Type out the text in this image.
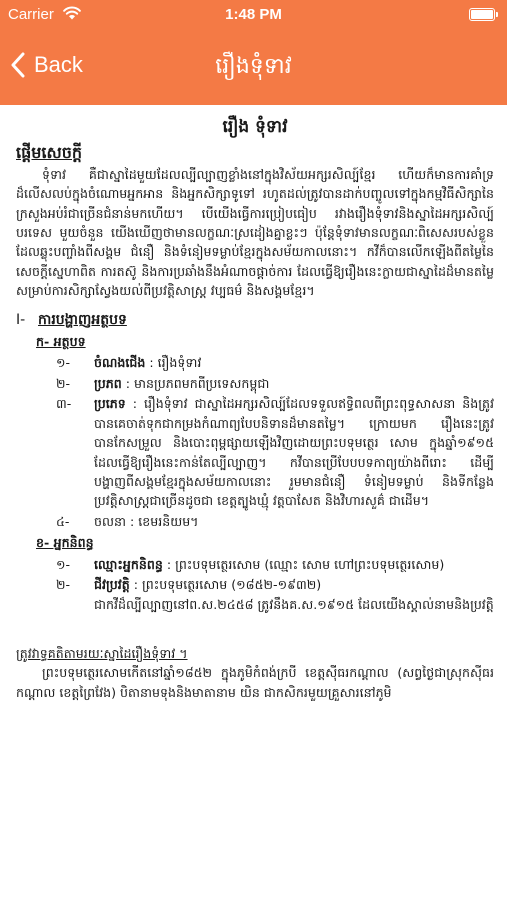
Carrier	1:48 PM
Back	រឿងទុំទាវ
រឿង ទុំទាវ
ផ្តើមសេចក្តី

ទុំទាវ គឺជាស្នាដៃមួយដែលល្បីល្បាញខ្លាំងនៅក្នុងវិស័យអក្សរសិល្ប៍ខ្មែរ ហើយក៏មានការគាំទ្រដ៏លើសលប់ក្នុងចំណោមអ្នកអាន និងអ្នកសិក្សាទូទៅ រហូតដល់ត្រូវបានដាក់បញ្ចូលទៅក្នុងកម្មវិធីសិក្សានៃក្រសួងអប់រំជាច្រើនជំនាន់មកហើយ។ បើយើងធ្វើការប្រៀបធៀប រវាងរឿងទុំទាវនិងស្នាដៃអក្សរសិល្ប៍បរទេស មួយចំនួន យើងឃើញថាមានលក្ខណៈស្រដៀងគ្នាខ្លះៗ ប៉ុន្តែទុំទាវមានលក្ខណៈពិសេសរបស់ខ្លួន ដែលឆ្លុះបញ្ចាំងពីសង្គម ជំនឿ និងទំនៀមទម្លាប់ខ្មែរក្នុងសម័យកាលនោះ។ កវីក៏បានលើកឡើងពីតម្លៃនៃសេចក្តីស្នេហាពិត ការតស៊ូ និងការប្រឆាំងនឹងអំណាចផ្តាច់ការ ដែលធ្វើឱ្យរឿងនេះក្លាយជាស្នាដៃដ៏មានតម្លៃសម្រាប់ការសិក្សាស្វែងយល់ពីប្រវត្តិសាស្ត្រ វប្បធម៌ និងសង្គមខ្មែរ។

I- ការបង្ហាញអត្ថបទ
ក- អត្ថបទ
១-	ចំណងជើង : រឿងទុំទាវ
២-	ប្រភព : មានប្រភពមកពីប្រទេសកម្ពុជា
៣-	ប្រភេទ : រឿងទុំទាវ ជាស្នាដៃអក្សរសិល្ប៍ដែលទទួលឥទ្ធិពលពីព្រះពុទ្ធសាសនា និងត្រូវបានគេចាត់ទុកជាកម្រងកំណាព្យបែបនិទានដ៏មានតម្លៃ។ ក្រោយមក រឿងនេះត្រូវបានកែសម្រួល និងបោះពុម្ពផ្សាយឡើងវិញដោយព្រះបទុមត្ថេរ សោម ក្នុងឆ្នាំ១៩១៥ ដែលធ្វើឱ្យរឿងនេះកាន់តែល្បីល្បាញ។ កវីបានប្រើបែបបទកាព្យយ៉ាងពីរោះ ដើម្បីបង្ហាញពីសង្គមខ្មែរក្នុងសម័យកាលនោះ រួមមានជំនឿ ទំនៀមទម្លាប់ និងទីកន្លែងប្រវត្តិសាស្ត្រជាច្រើនដូចជា ខេត្តត្បូងឃ្មុំ វត្តបាសែត និងវិហារសួគ៌ ជាដើម។
៤-	ចលនា : ខេមរនិយម។
ខ- អ្នកនិពន្ធ
១-	ឈ្មោះអ្នកនិពន្ធ : ព្រះបទុមត្ថេរសោម (ឈ្មោះ សោម ហៅព្រះបទុមត្ថេរសោម)
២-	ជីវប្រវត្តិ : ព្រះបទុមត្ថេរសោម (១៨៥២-១៩៣២)
ជាកវីដ៏ល្បីល្បាញនៅព.ស.២៤៥៨ ត្រូវនឹងគ.ស.១៩១៥ ដែលយើងស្គាល់នាមនិងប្រវត្តិ

ត្រូវវាទ្ធគតិតាមរយៈស្នាដៃរឿងទុំទាវ ។

ព្រះបទុមត្ថេរសោមកើតនៅឆ្នាំ១៨៥២ ក្នុងភូមិកំពង់ក្របី ខេត្តស៊ីធរកណ្តាល (សព្វថ្ងៃជាស្រុកស៊ីធរកណ្តាល ខេត្តព្រៃវែង) បិតានាមទុងនិងមាតានាម យិន ជាកសិករមួយគ្រួសារនៅភូមិ
